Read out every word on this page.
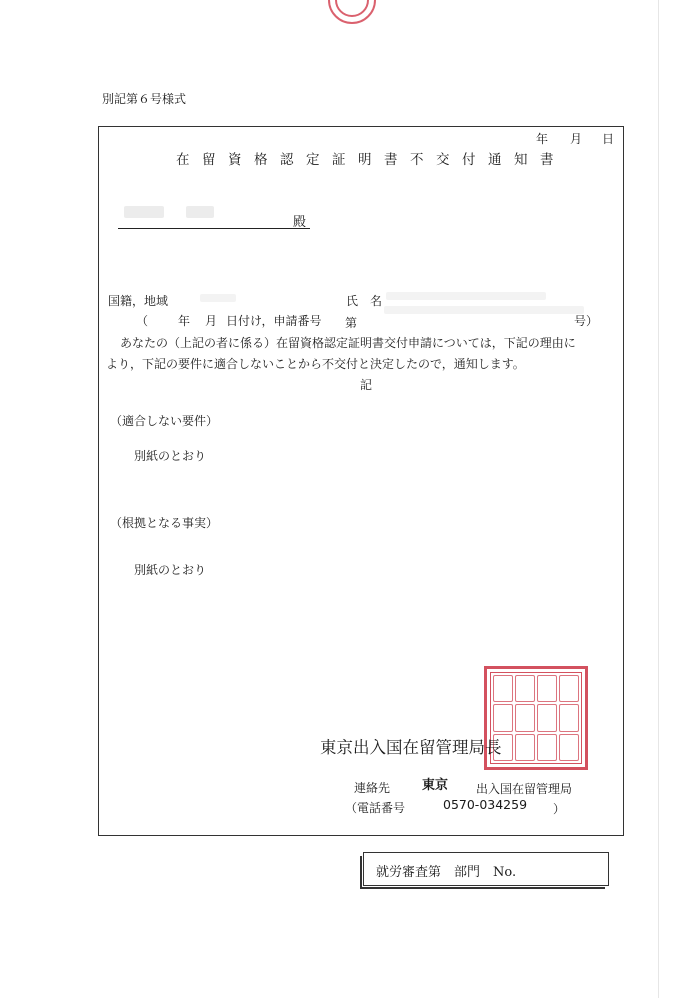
別記第６号様式
年 月 日
在留資格認定証明書不交付通知書
殿
国籍，地域	氏　名
（ 年 月 日付け，申請番号 第	号）
あなたの（上記の者に係る）在留資格認定証明書交付申請については，下記の理由に
より，下記の要件に適合しないことから不交付と決定したので，通知します。
記
（適合しない要件）
別紙のとおり
（根拠となる事実）
別紙のとおり
東京出入国在留管理局長
連絡先 東京 出入国在留管理局
（電話番号	0570-034259 ）
就労審査第　部門　No.
